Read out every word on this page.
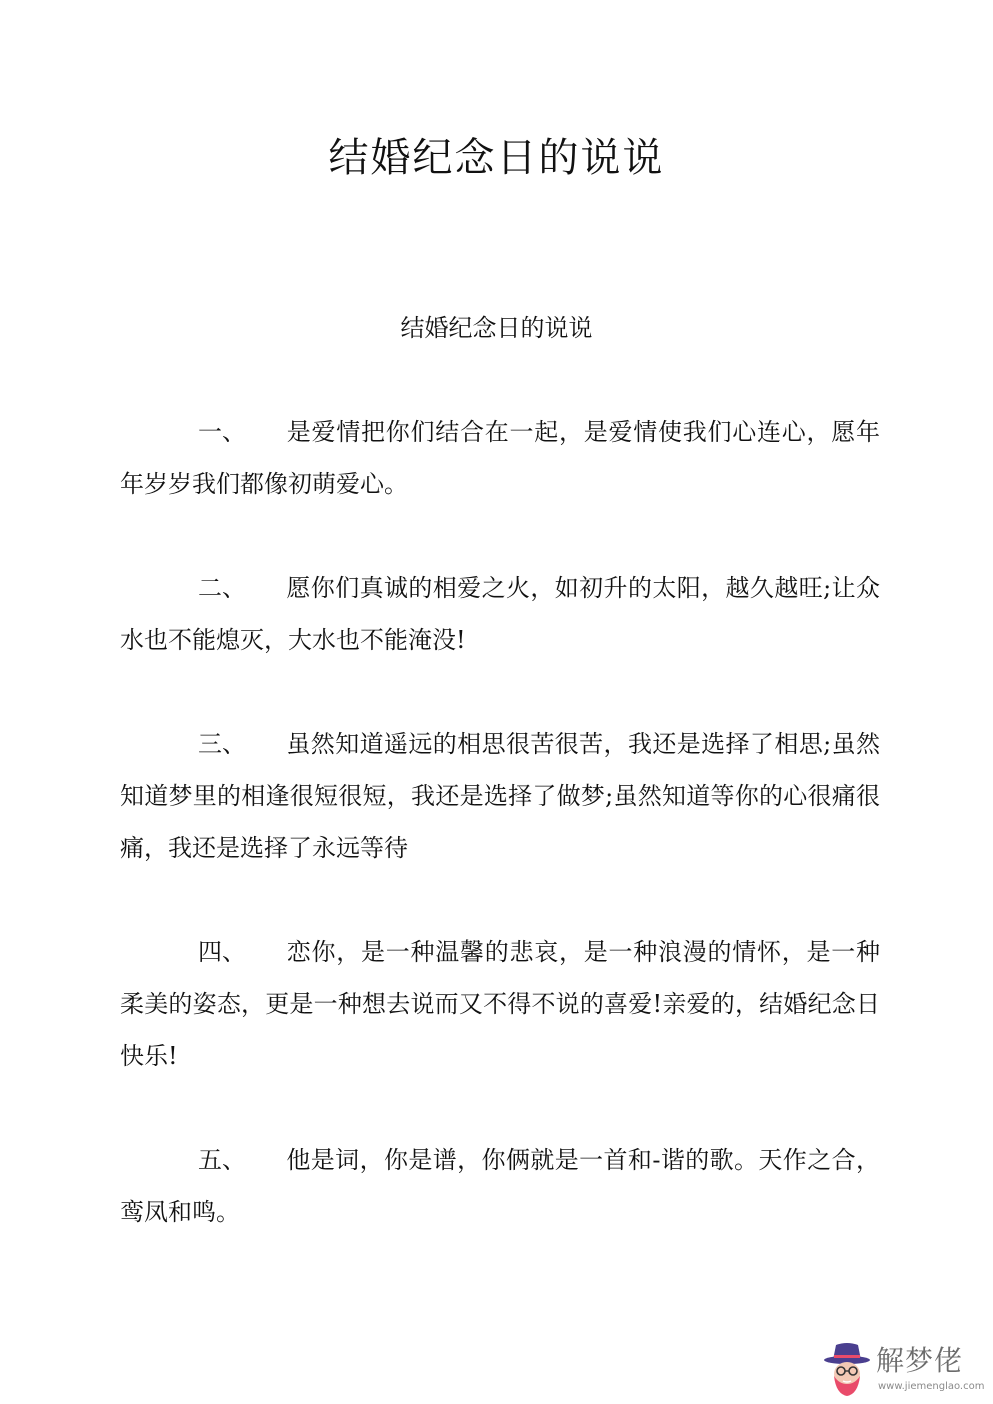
结婚纪念日的说说
结婚纪念日的说说

一、 是爱情把你们结合在一起，是爱情使我们心连心，愿年年岁岁我们都像初萌爱心。

二、 愿你们真诚的相爱之火，如初升的太阳，越久越旺;让众水也不能熄灭，大水也不能淹没!

三、 虽然知道遥远的相思很苦很苦，我还是选择了相思;虽然知道梦里的相逢很短很短，我还是选择了做梦;虽然知道等你的心很痛很痛，我还是选择了永远等待

四、 恋你，是一种温馨的悲哀，是一种浪漫的情怀，是一种柔美的姿态，更是一种想去说而又不得不说的喜爱!亲爱的，结婚纪念日快乐!

五、 他是词，你是谱，你俩就是一首和-谐的歌。天作之合，鸾凤和鸣。

解梦佬
www.jiemenglao.com
